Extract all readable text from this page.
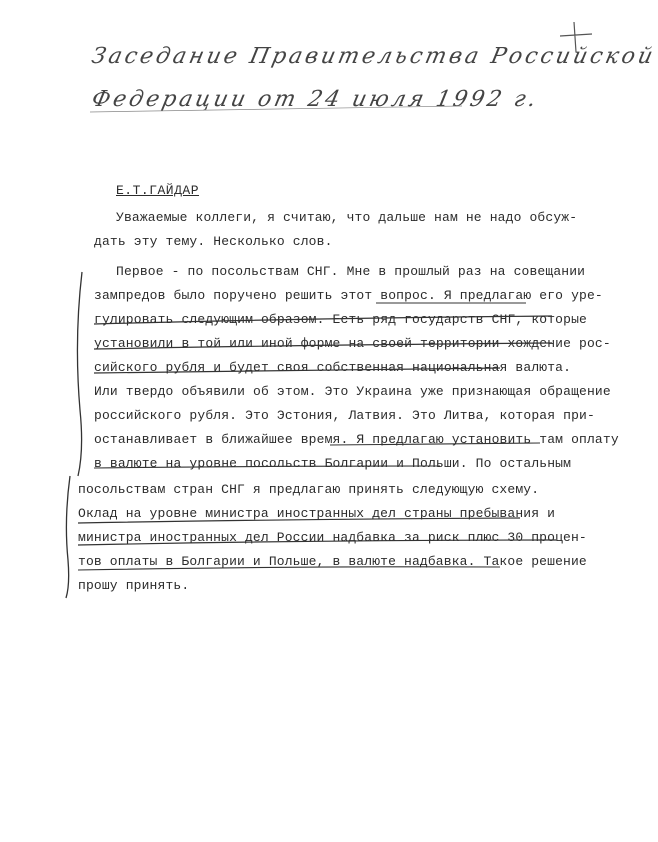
Заседание Правительства Российской
Федерации от 24 июля 1992 г.
Е.Т.ГАЙДАР
Уважаемые коллеги, я считаю, что дальше нам не надо обсуж-
дать эту тему. Несколько слов.
Первое - по посольствам СНГ. Мне в прошлый раз на совещании
зампредов было поручено решить этот вопрос. Я предлагаю его уре-
гулировать следующим образом. Есть ряд государств СНГ, которые
установили в той или иной форме на своей территории хождение рос-
сийского рубля и будет своя собственная национальная валюта.
Или твердо объявили об этом. Это Украина уже признающая обращение
российского рубля. Это Эстония, Латвия. Это Литва, которая при-
останавливает в ближайшее время. Я предлагаю установить там оплату
в валюте на уровне посольств Болгарии и Польши. По остальным
посольствам стран СНГ я предлагаю принять следующую схему.
Оклад на уровне министра иностранных дел страны пребывания и
министра иностранных дел России надбавка за риск плюс 30 процен-
тов оплаты в Болгарии и Польше, в валюте надбавка. Такое решение
прошу принять.
